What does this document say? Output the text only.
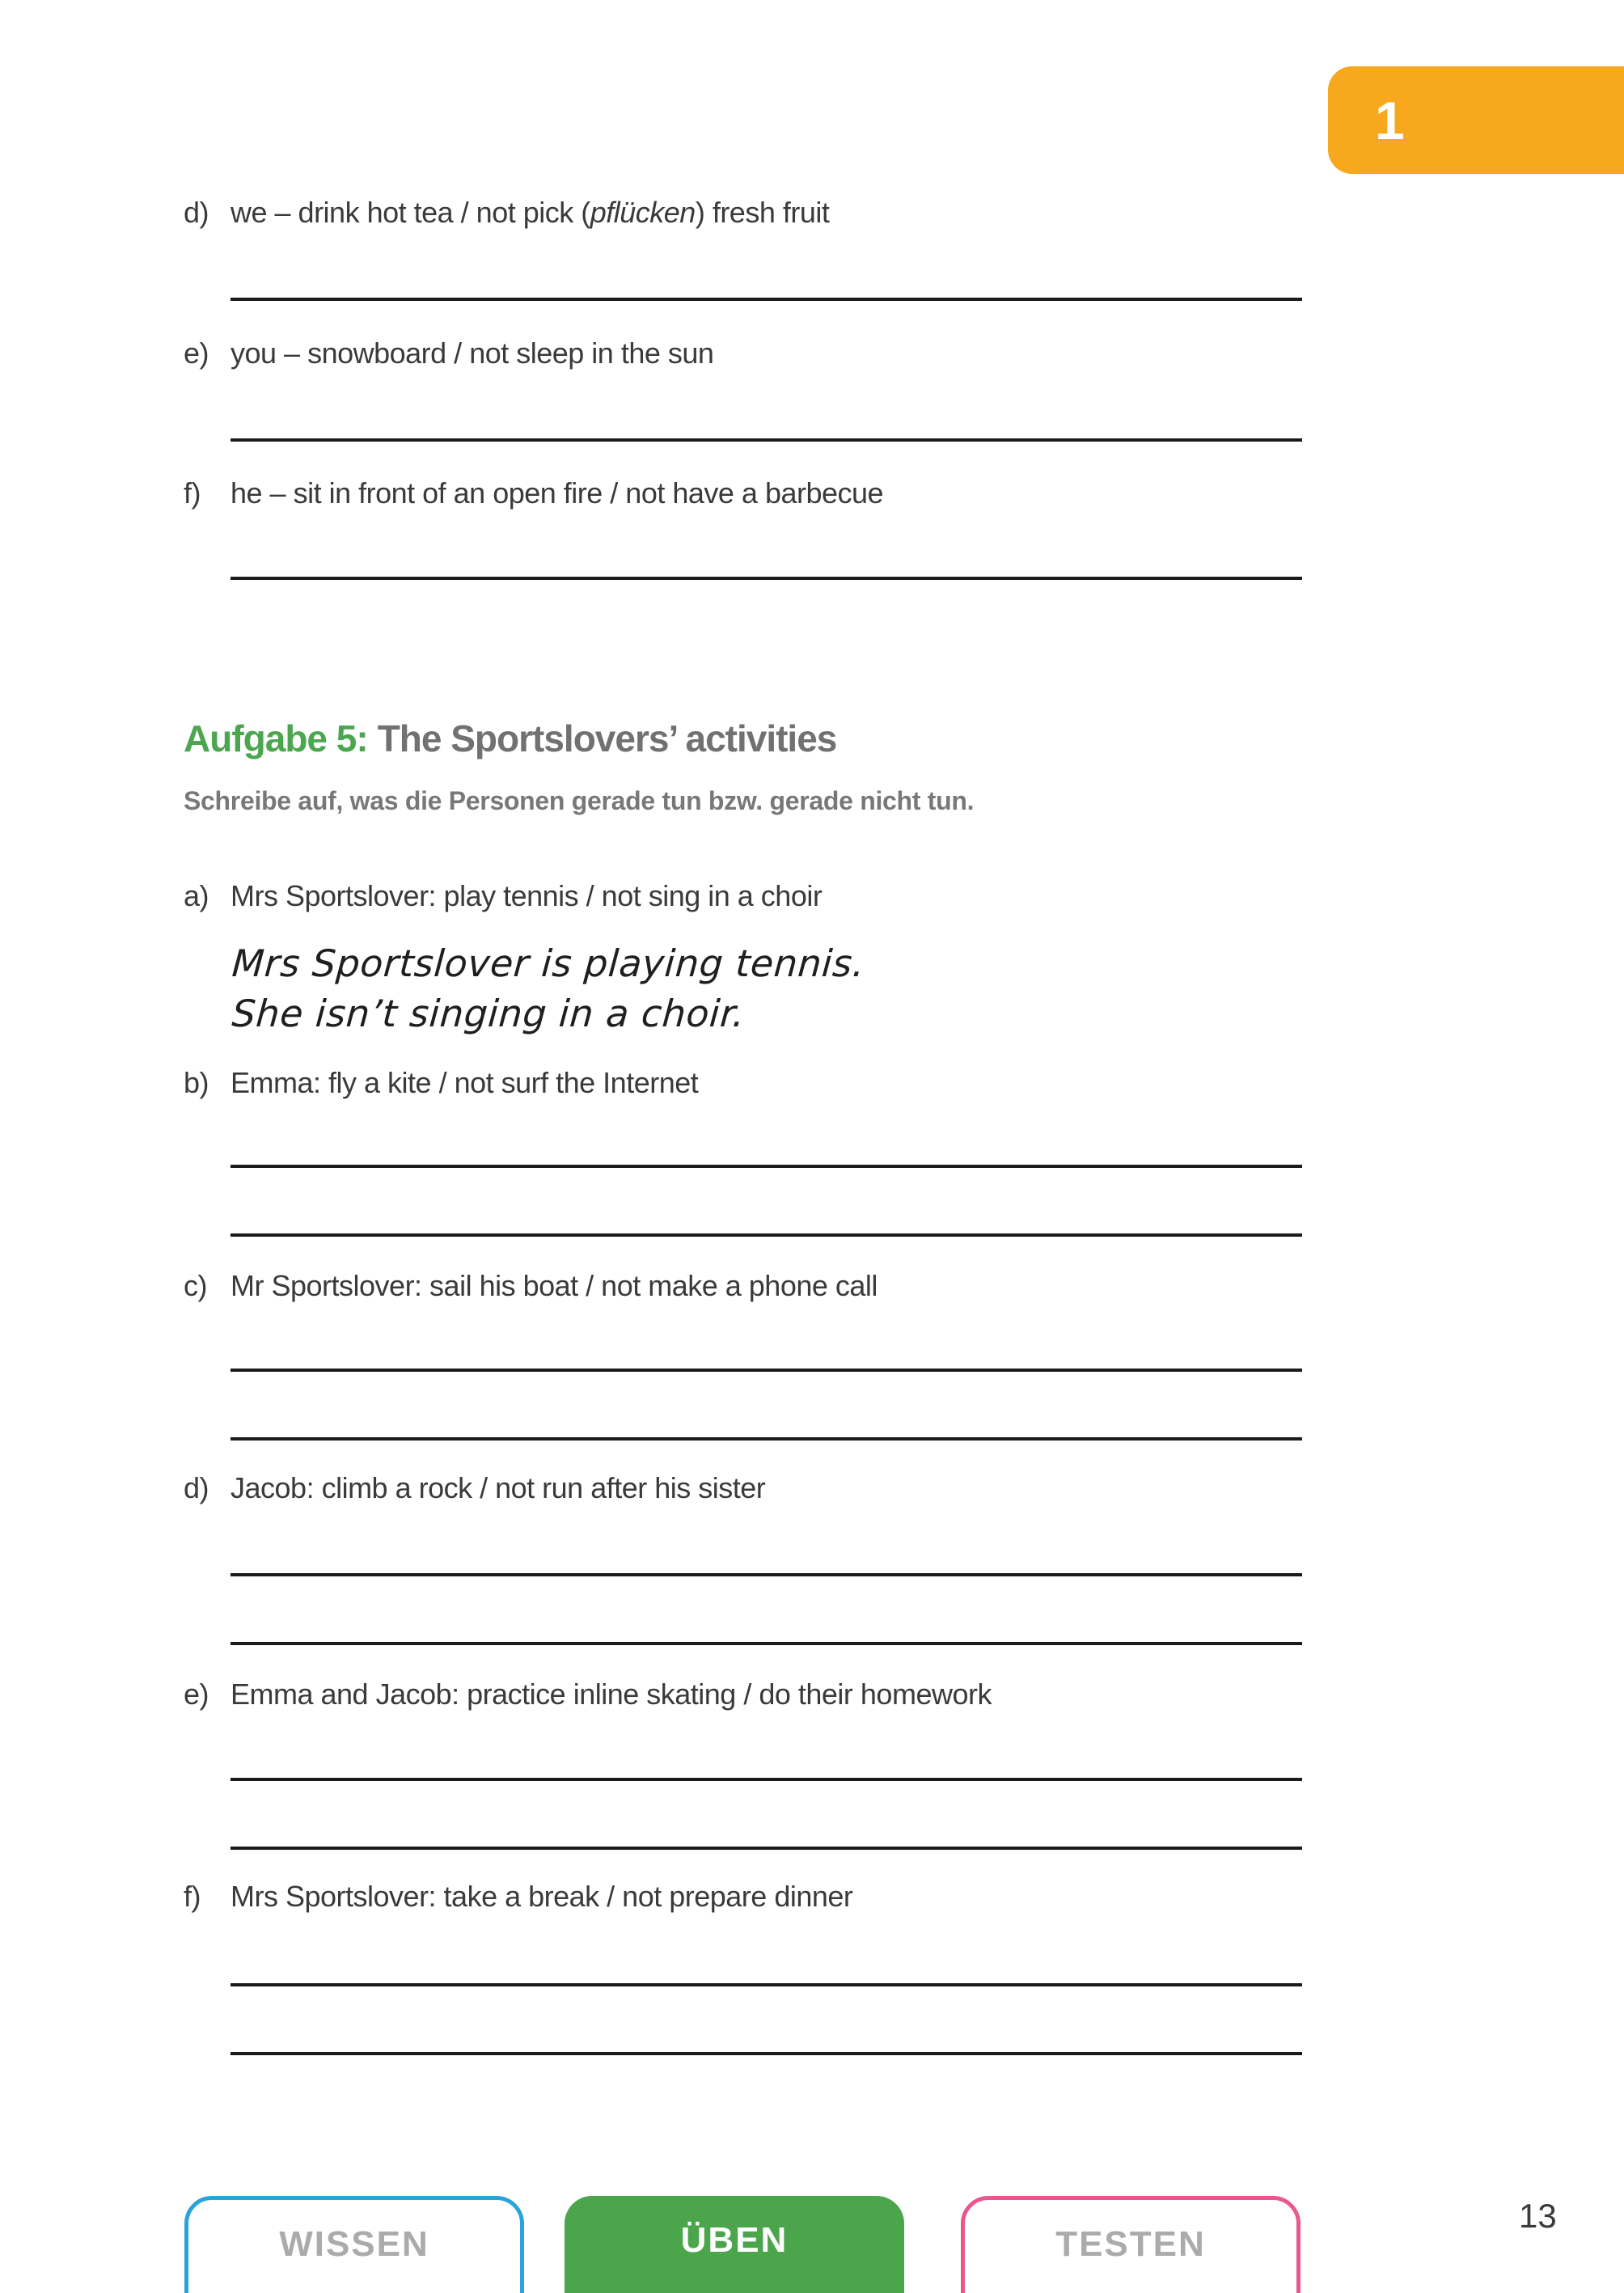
1
d) we – drink hot tea / not pick (pflücken) fresh fruit
e) you – snowboard / not sleep in the sun
f)	he – sit in front of an open fire / not have a barbecue
Aufgabe 5: The Sportslovers’ activities
Schreibe auf, was die Personen gerade tun bzw. gerade nicht tun.
a) Mrs Sportslover: play tennis / not sing in a choir
Mrs Sportslover is playing tennis.
She isn’t singing in a choir.
b) Emma: fly a kite / not surf the Internet
c) Mr Sportslover: sail his boat / not make a phone call
d) Jacob: climb a rock / not run after his sister
e) Emma and Jacob: practice inline skating / do their homework
f)	Mrs Sportslover: take a break / not prepare dinner
WISSEN	ÜBEN	TESTEN
13
